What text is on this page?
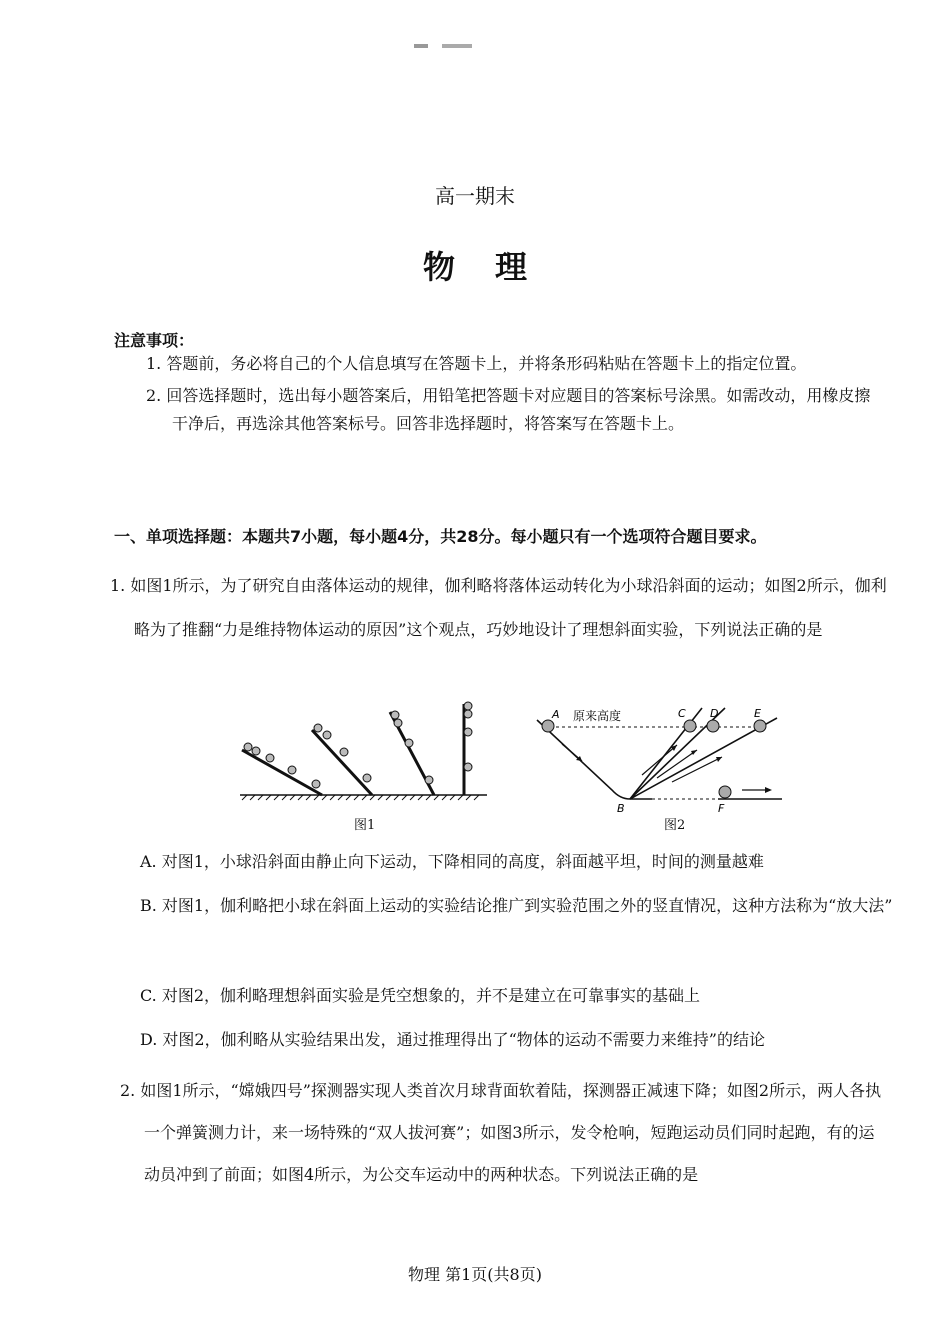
高一期末
物理
注意事项：
1. 答题前，务必将自己的个人信息填写在答题卡上，并将条形码粘贴在答题卡上的指定位置。
2. 回答选择题时，选出每小题答案后，用铅笔把答题卡对应题目的答案标号涂黑。如需改动，用橡皮擦干净后，再选涂其他答案标号。回答非选择题时，将答案写在答题卡上。
一、单项选择题：本题共7小题，每小题4分，共28分。每小题只有一个选项符合题目要求。
1. 如图1所示，为了研究自由落体运动的规律，伽利略将落体运动转化为小球沿斜面的运动；如图2所示，伽利略为了推翻“力是维持物体运动的原因”这个观点，巧妙地设计了理想斜面实验，下列说法正确的是
A 原来高度	C D	E
B	F
图1	图2
A. 对图1，小球沿斜面由静止向下运动，下降相同的高度，斜面越平坦，时间的测量越难
B. 对图1，伽利略把小球在斜面上运动的实验结论推广到实验范围之外的竖直情况，这种方法称为“放大法”
C. 对图2，伽利略理想斜面实验是凭空想象的，并不是建立在可靠事实的基础上
D. 对图2，伽利略从实验结果出发，通过推理得出了“物体的运动不需要力来维持”的结论
2. 如图1所示，“嫦娥四号”探测器实现人类首次月球背面软着陆，探测器正减速下降；如图2所示，两人各执一个弹簧测力计，来一场特殊的“双人拔河赛”；如图3所示，发令枪响，短跑运动员们同时起跑，有的运动员冲到了前面；如图4所示，为公交车运动中的两种状态。下列说法正确的是
物理 第1页(共8页)
